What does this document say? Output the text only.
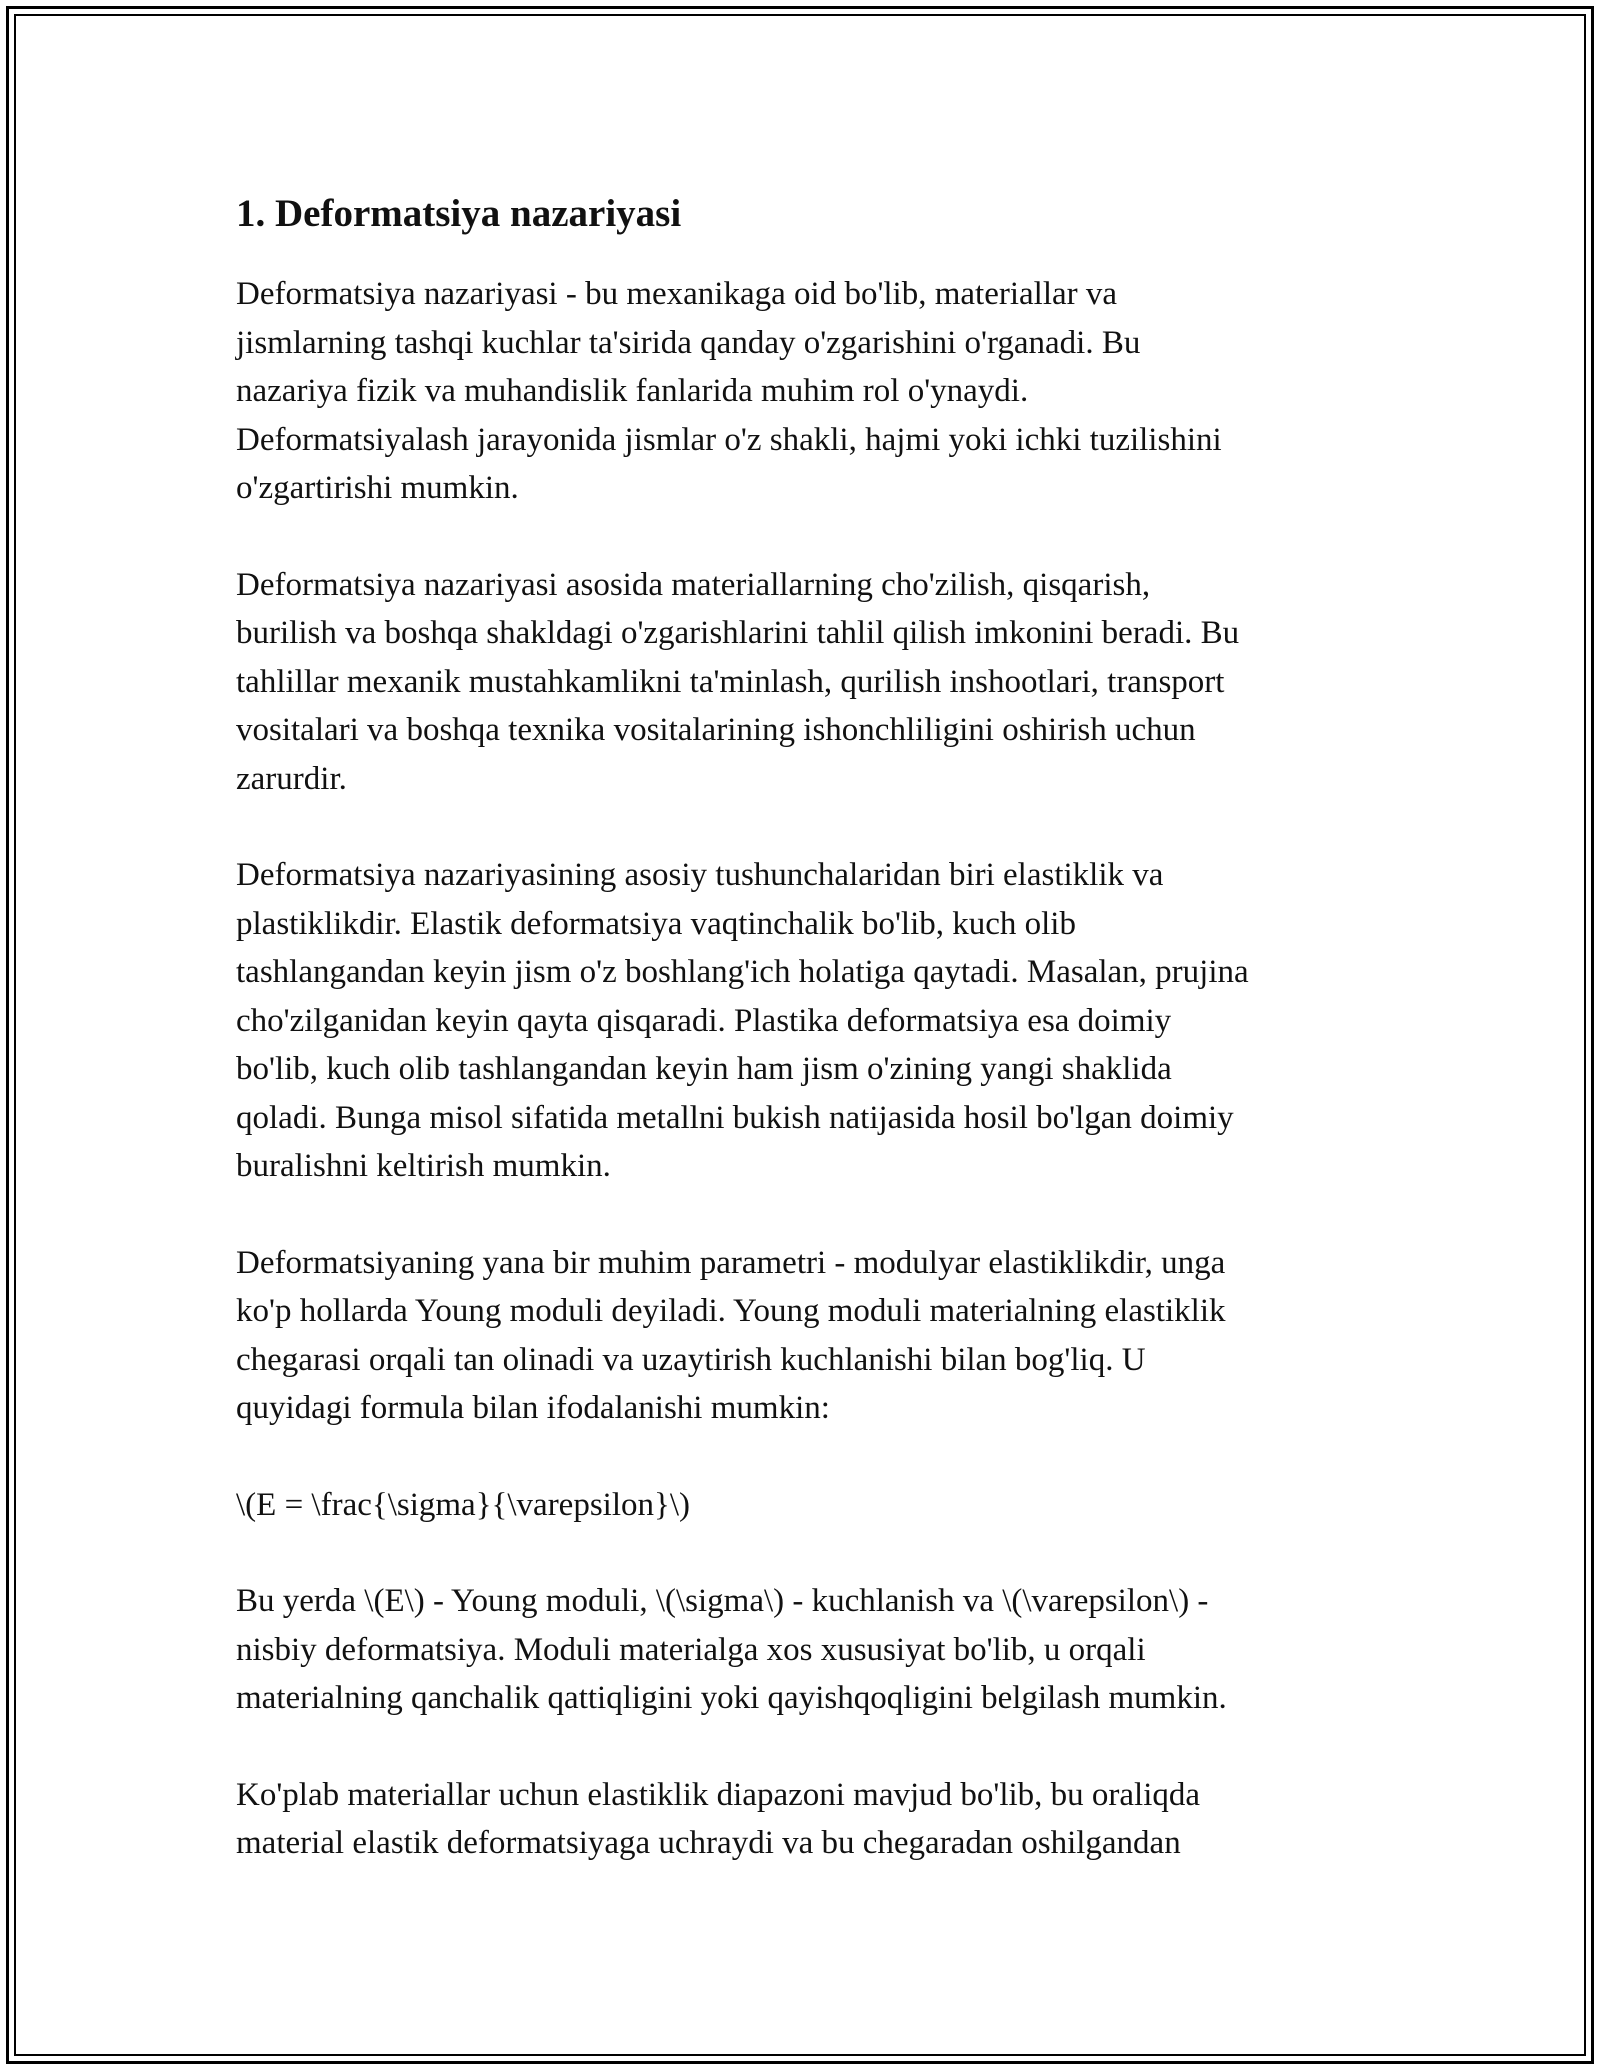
1. Deformatsiya nazariyasi

Deformatsiya nazariyasi - bu mexanikaga oid bo'lib, materiallar va
jismlarning tashqi kuchlar ta'sirida qanday o'zgarishini o'rganadi. Bu
nazariya fizik va muhandislik fanlarida muhim rol o'ynaydi.
Deformatsiyalash jarayonida jismlar o'z shakli, hajmi yoki ichki tuzilishini
o'zgartirishi mumkin.

Deformatsiya nazariyasi asosida materiallarning cho'zilish, qisqarish,
burilish va boshqa shakldagi o'zgarishlarini tahlil qilish imkonini beradi. Bu
tahlillar mexanik mustahkamlikni ta'minlash, qurilish inshootlari, transport
vositalari va boshqa texnika vositalarining ishonchliligini oshirish uchun
zarurdir.

Deformatsiya nazariyasining asosiy tushunchalaridan biri elastiklik va
plastiklikdir. Elastik deformatsiya vaqtinchalik bo'lib, kuch olib
tashlangandan keyin jism o'z boshlang'ich holatiga qaytadi. Masalan, prujina
cho'zilganidan keyin qayta qisqaradi. Plastika deformatsiya esa doimiy
bo'lib, kuch olib tashlangandan keyin ham jism o'zining yangi shaklida
qoladi. Bunga misol sifatida metallni bukish natijasida hosil bo'lgan doimiy
buralishni keltirish mumkin.

Deformatsiyaning yana bir muhim parametri - modulyar elastiklikdir, unga
ko'p hollarda Young moduli deyiladi. Young moduli materialning elastiklik
chegarasi orqali tan olinadi va uzaytirish kuchlanishi bilan bog'liq. U
quyidagi formula bilan ifodalanishi mumkin:

\(E = \frac{\sigma}{\varepsilon}\)

Bu yerda \(E\) - Young moduli, \(\sigma\) - kuchlanish va \(\varepsilon\) -
nisbiy deformatsiya. Moduli materialga xos xususiyat bo'lib, u orqali
materialning qanchalik qattiqligini yoki qayishqoqligini belgilash mumkin.

Ko'plab materiallar uchun elastiklik diapazoni mavjud bo'lib, bu oraliqda
material elastik deformatsiyaga uchraydi va bu chegaradan oshilgandan
